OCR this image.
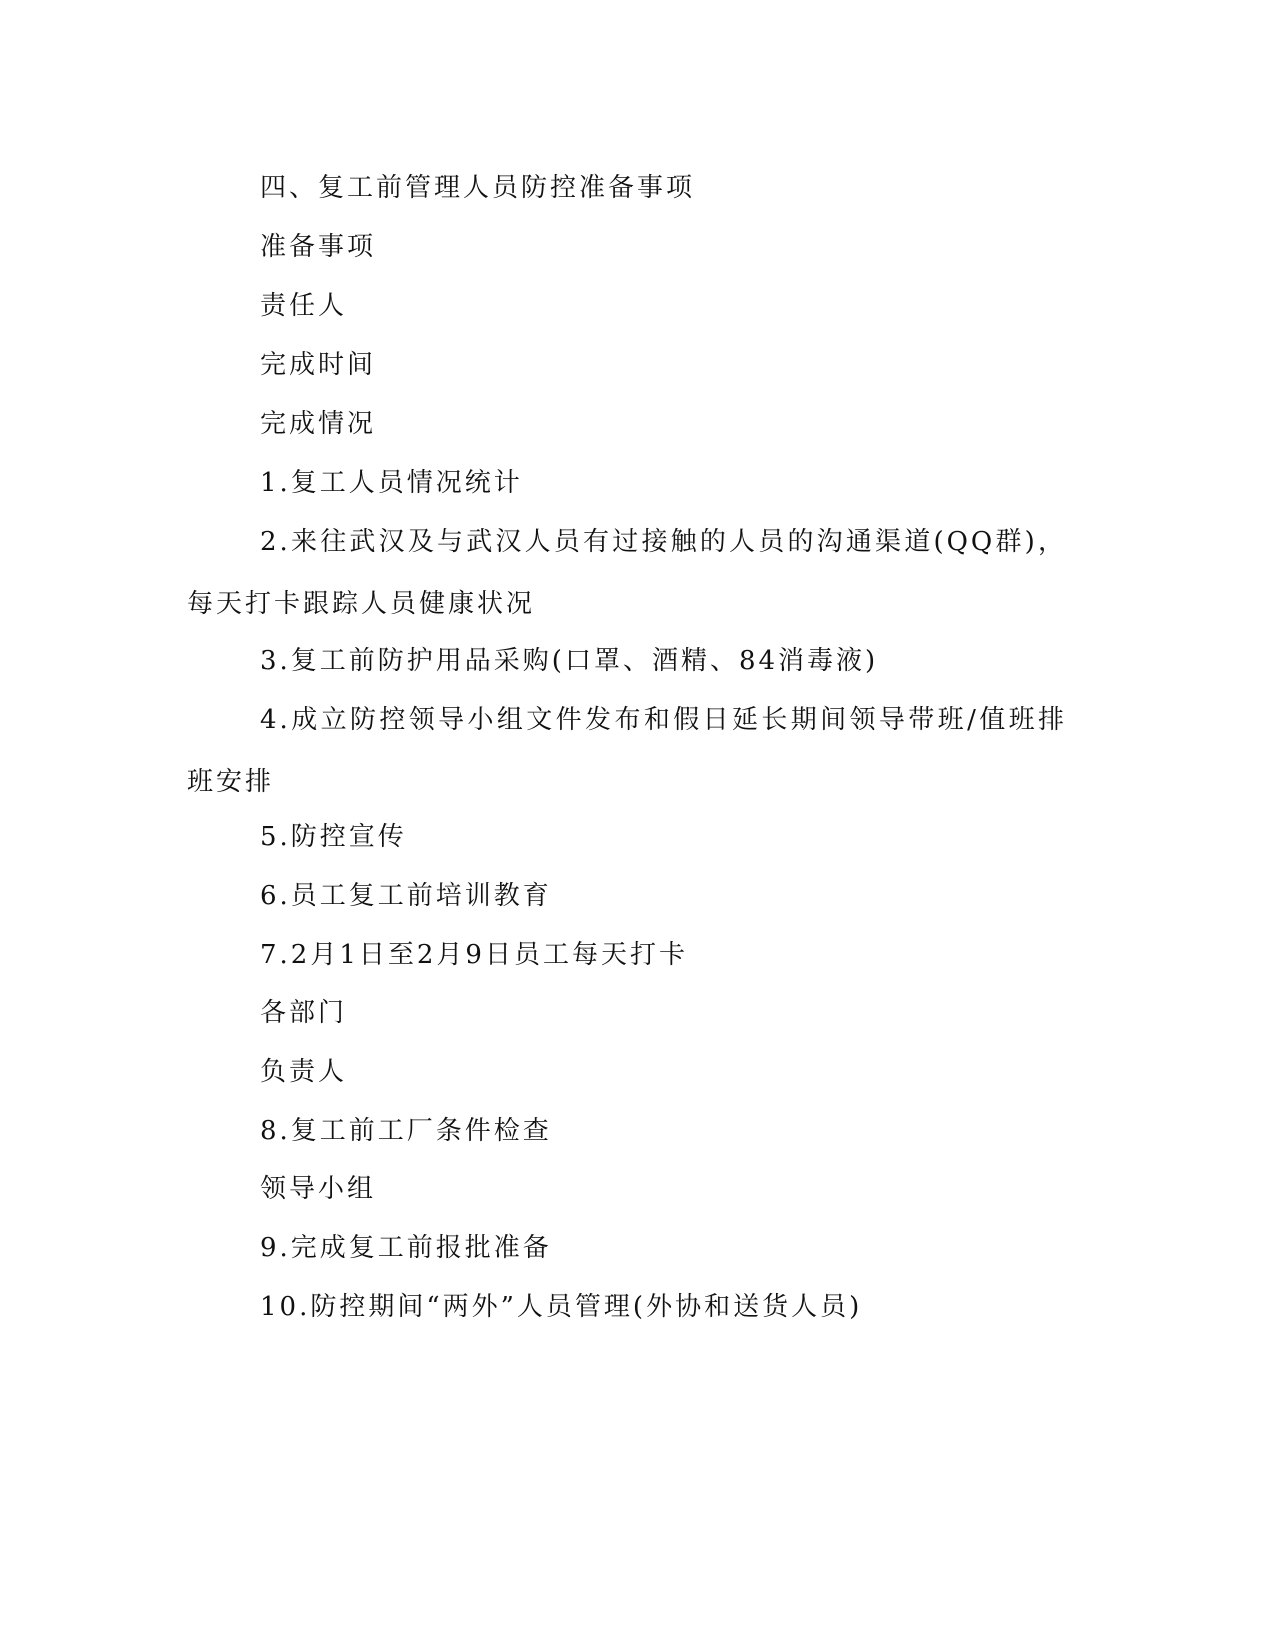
四、复工前管理人员防控准备事项

准备事项

责任人

完成时间

完成情况

1.复工人员情况统计

2.来往武汉及与武汉人员有过接触的人员的沟通渠道(QQ群)，每天打卡跟踪人员健康状况

3.复工前防护用品采购(口罩、酒精、84消毒液)

4.成立防控领导小组文件发布和假日延长期间领导带班/值班排班安排

5.防控宣传

6.员工复工前培训教育

7.2月1日至2月9日员工每天打卡

各部门

负责人

8.复工前工厂条件检查

领导小组

9.完成复工前报批准备

10.防控期间“两外”人员管理(外协和送货人员)
